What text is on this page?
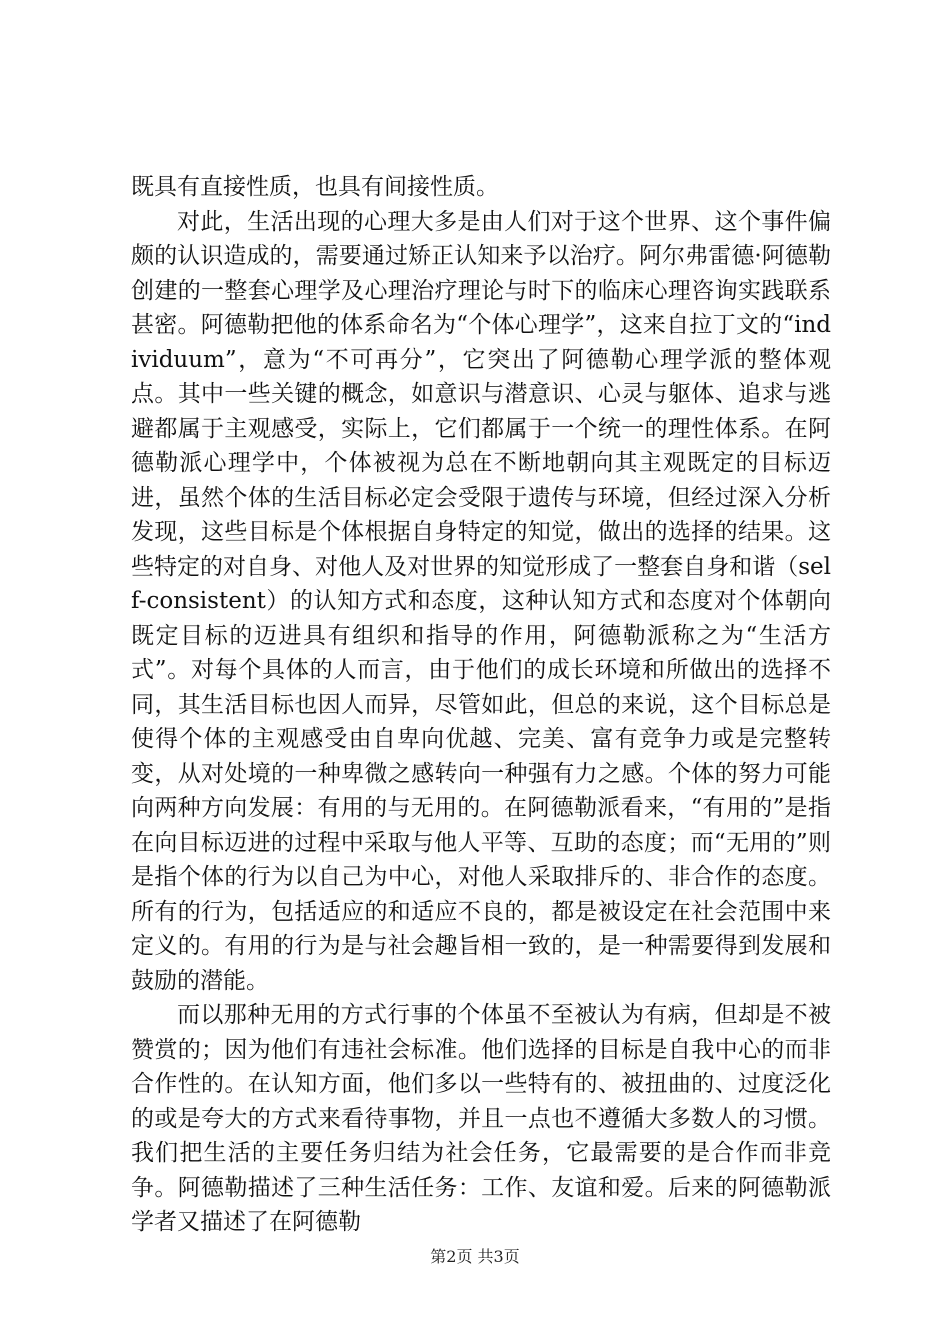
既具有直接性质，也具有间接性质。

对此，生活出现的心理大多是由人们对于这个世界、这个事件偏颇的认识造成的，需要通过矫正认知来予以治疗。阿尔弗雷德·阿德勒创建的一整套心理学及心理治疗理论与时下的临床心理咨询实践联系甚密。阿德勒把他的体系命名为“个体心理学”，这来自拉丁文的“individuum”，意为“不可再分”，它突出了阿德勒心理学派的整体观点。其中一些关键的概念，如意识与潜意识、心灵与躯体、追求与逃避都属于主观感受，实际上，它们都属于一个统一的理性体系。在阿德勒派心理学中，个体被视为总在不断地朝向其主观既定的目标迈进，虽然个体的生活目标必定会受限于遗传与环境，但经过深入分析发现，这些目标是个体根据自身特定的知觉，做出的选择的结果。这些特定的对自身、对他人及对世界的知觉形成了一整套自身和谐（self-consistent）的认知方式和态度，这种认知方式和态度对个体朝向既定目标的迈进具有组织和指导的作用，阿德勒派称之为“生活方式”。对每个具体的人而言，由于他们的成长环境和所做出的选择不同，其生活目标也因人而异，尽管如此，但总的来说，这个目标总是使得个体的主观感受由自卑向优越、完美、富有竞争力或是完整转变，从对处境的一种卑微之感转向一种强有力之感。个体的努力可能向两种方向发展：有用的与无用的。在阿德勒派看来，“有用的”是指在向目标迈进的过程中采取与他人平等、互助的态度；而“无用的”则是指个体的行为以自己为中心，对他人采取排斥的、非合作的态度。所有的行为，包括适应的和适应不良的，都是被设定在社会范围中来定义的。有用的行为是与社会趣旨相一致的，是一种需要得到发展和鼓励的潜能。

而以那种无用的方式行事的个体虽不至被认为有病，但却是不被赞赏的；因为他们有违社会标准。他们选择的目标是自我中心的而非合作性的。在认知方面，他们多以一些特有的、被扭曲的、过度泛化的或是夸大的方式来看待事物，并且一点也不遵循大多数人的习惯。我们把生活的主要任务归结为社会任务，它最需要的是合作而非竞争。阿德勒描述了三种生活任务：工作、友谊和爱。后来的阿德勒派学者又描述了在阿德勒

第2页 共3页
